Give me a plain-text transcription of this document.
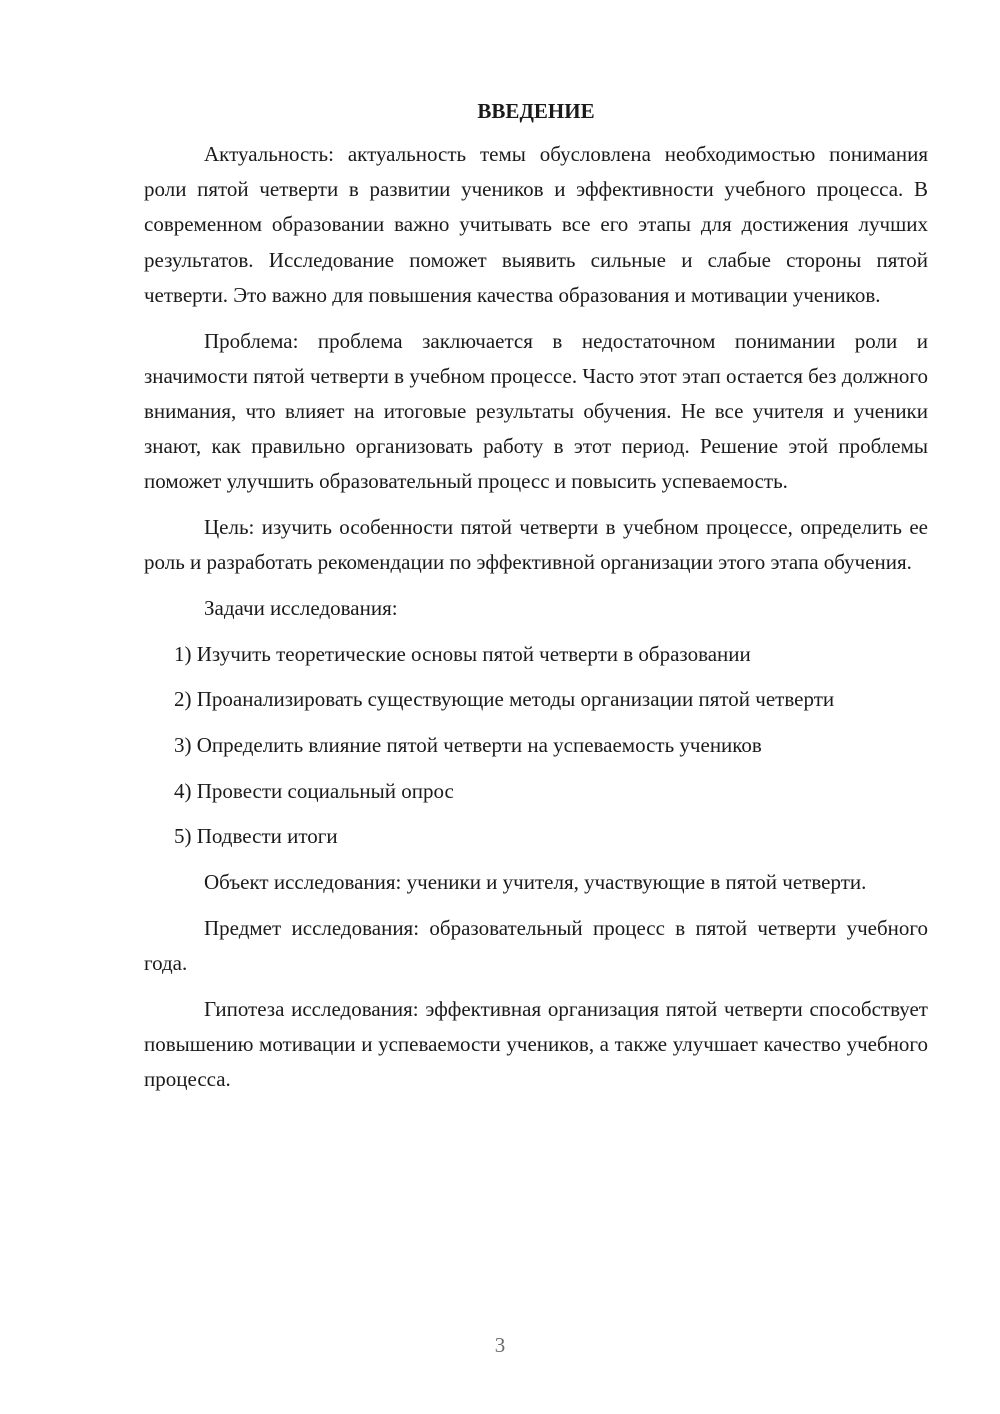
ВВЕДЕНИЕ

Актуальность: актуальность темы обусловлена необходимостью понимания роли пятой четверти в развитии учеников и эффективности учебного процесса. В современном образовании важно учитывать все его этапы для достижения лучших результатов. Исследование поможет выявить сильные и слабые стороны пятой четверти. Это важно для повышения качества образования и мотивации учеников.

Проблема: проблема заключается в недостаточном понимании роли и значимости пятой четверти в учебном процессе. Часто этот этап остается без должного внимания, что влияет на итоговые результаты обучения. Не все учителя и ученики знают, как правильно организовать работу в этот период. Решение этой проблемы поможет улучшить образовательный процесс и повысить успеваемость.

Цель: изучить особенности пятой четверти в учебном процессе, определить ее роль и разработать рекомендации по эффективной организации этого этапа обучения.

Задачи исследования:

1) Изучить теоретические основы пятой четверти в образовании

2) Проанализировать существующие методы организации пятой четверти

3) Определить влияние пятой четверти на успеваемость учеников

4) Провести социальный опрос

5) Подвести итоги

Объект исследования: ученики и учителя, участвующие в пятой четверти.

Предмет исследования: образовательный процесс в пятой четверти учебного года.

Гипотеза исследования: эффективная организация пятой четверти способствует повышению мотивации и успеваемости учеников, а также улучшает качество учебного процесса.

3
